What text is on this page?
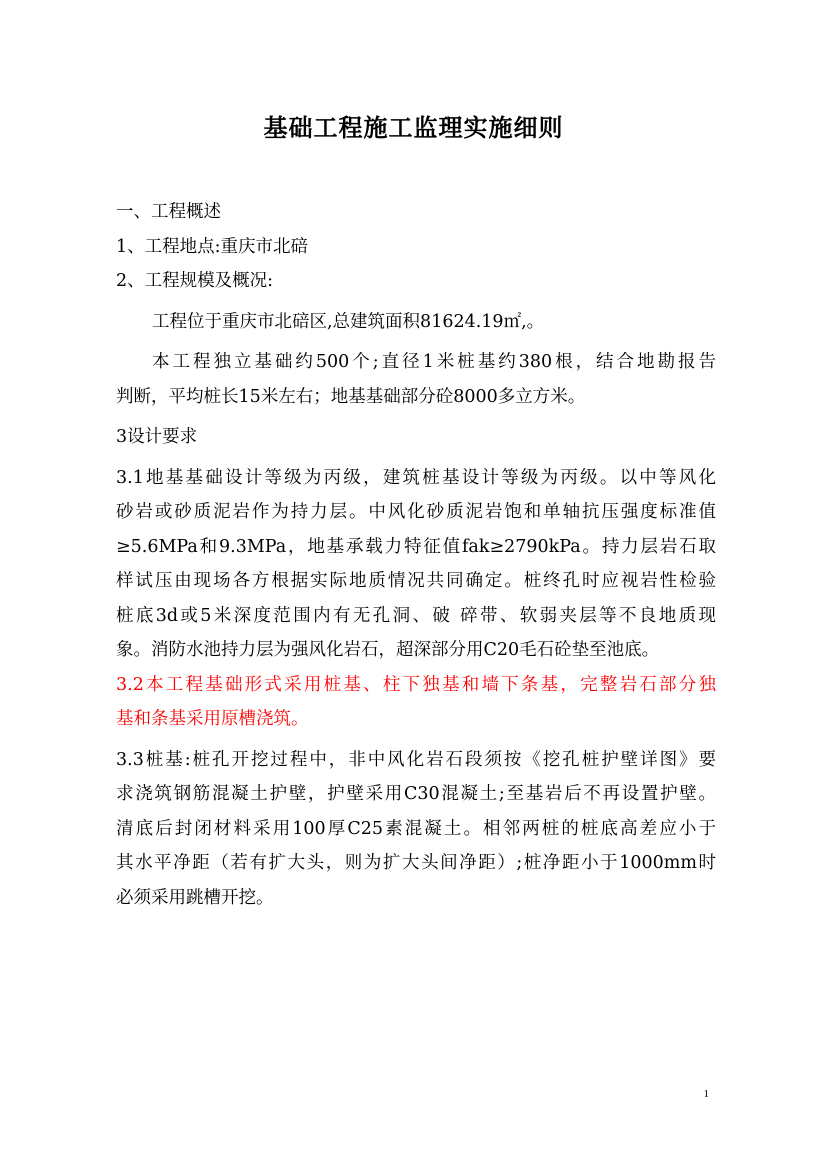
基础工程施工监理实施细则
一、工程概述
1、工程地点:重庆市北碚
2、工程规模及概况:
工程位于重庆市北碚区,总建筑面积81624.19㎡,。
本工程独立基础约500个;直径1米桩基约380根，结合地勘报告
判断，平均桩长15米左右；地基基础部分砼8000多立方米。
3设计要求
3.1地基基础设计等级为丙级，建筑桩基设计等级为丙级。以中等风化
砂岩或砂质泥岩作为持力层。中风化砂质泥岩饱和单轴抗压强度标准值
≥5.6MPa和9.3MPa，地基承载力特征值fak≥2790kPa。持力层岩石取
样试压由现场各方根据实际地质情况共同确定。桩终孔时应视岩性检验
桩底3d或5米深度范围内有无孔洞、破 碎带、软弱夹层等不良地质现
象。消防水池持力层为强风化岩石，超深部分用C20毛石砼垫至池底。
3.2本工程基础形式采用桩基、柱下独基和墙下条基，完整岩石部分独
基和条基采用原槽浇筑。
3.3桩基:桩孔开挖过程中，非中风化岩石段须按《挖孔桩护壁详图》要
求浇筑钢筋混凝土护壁，护壁采用C30混凝土;至基岩后不再设置护壁。
清底后封闭材料采用100厚C25素混凝土。相邻两桩的桩底高差应小于
其水平净距（若有扩大头，则为扩大头间净距）;桩净距小于1000mm时
必须采用跳槽开挖。
1
